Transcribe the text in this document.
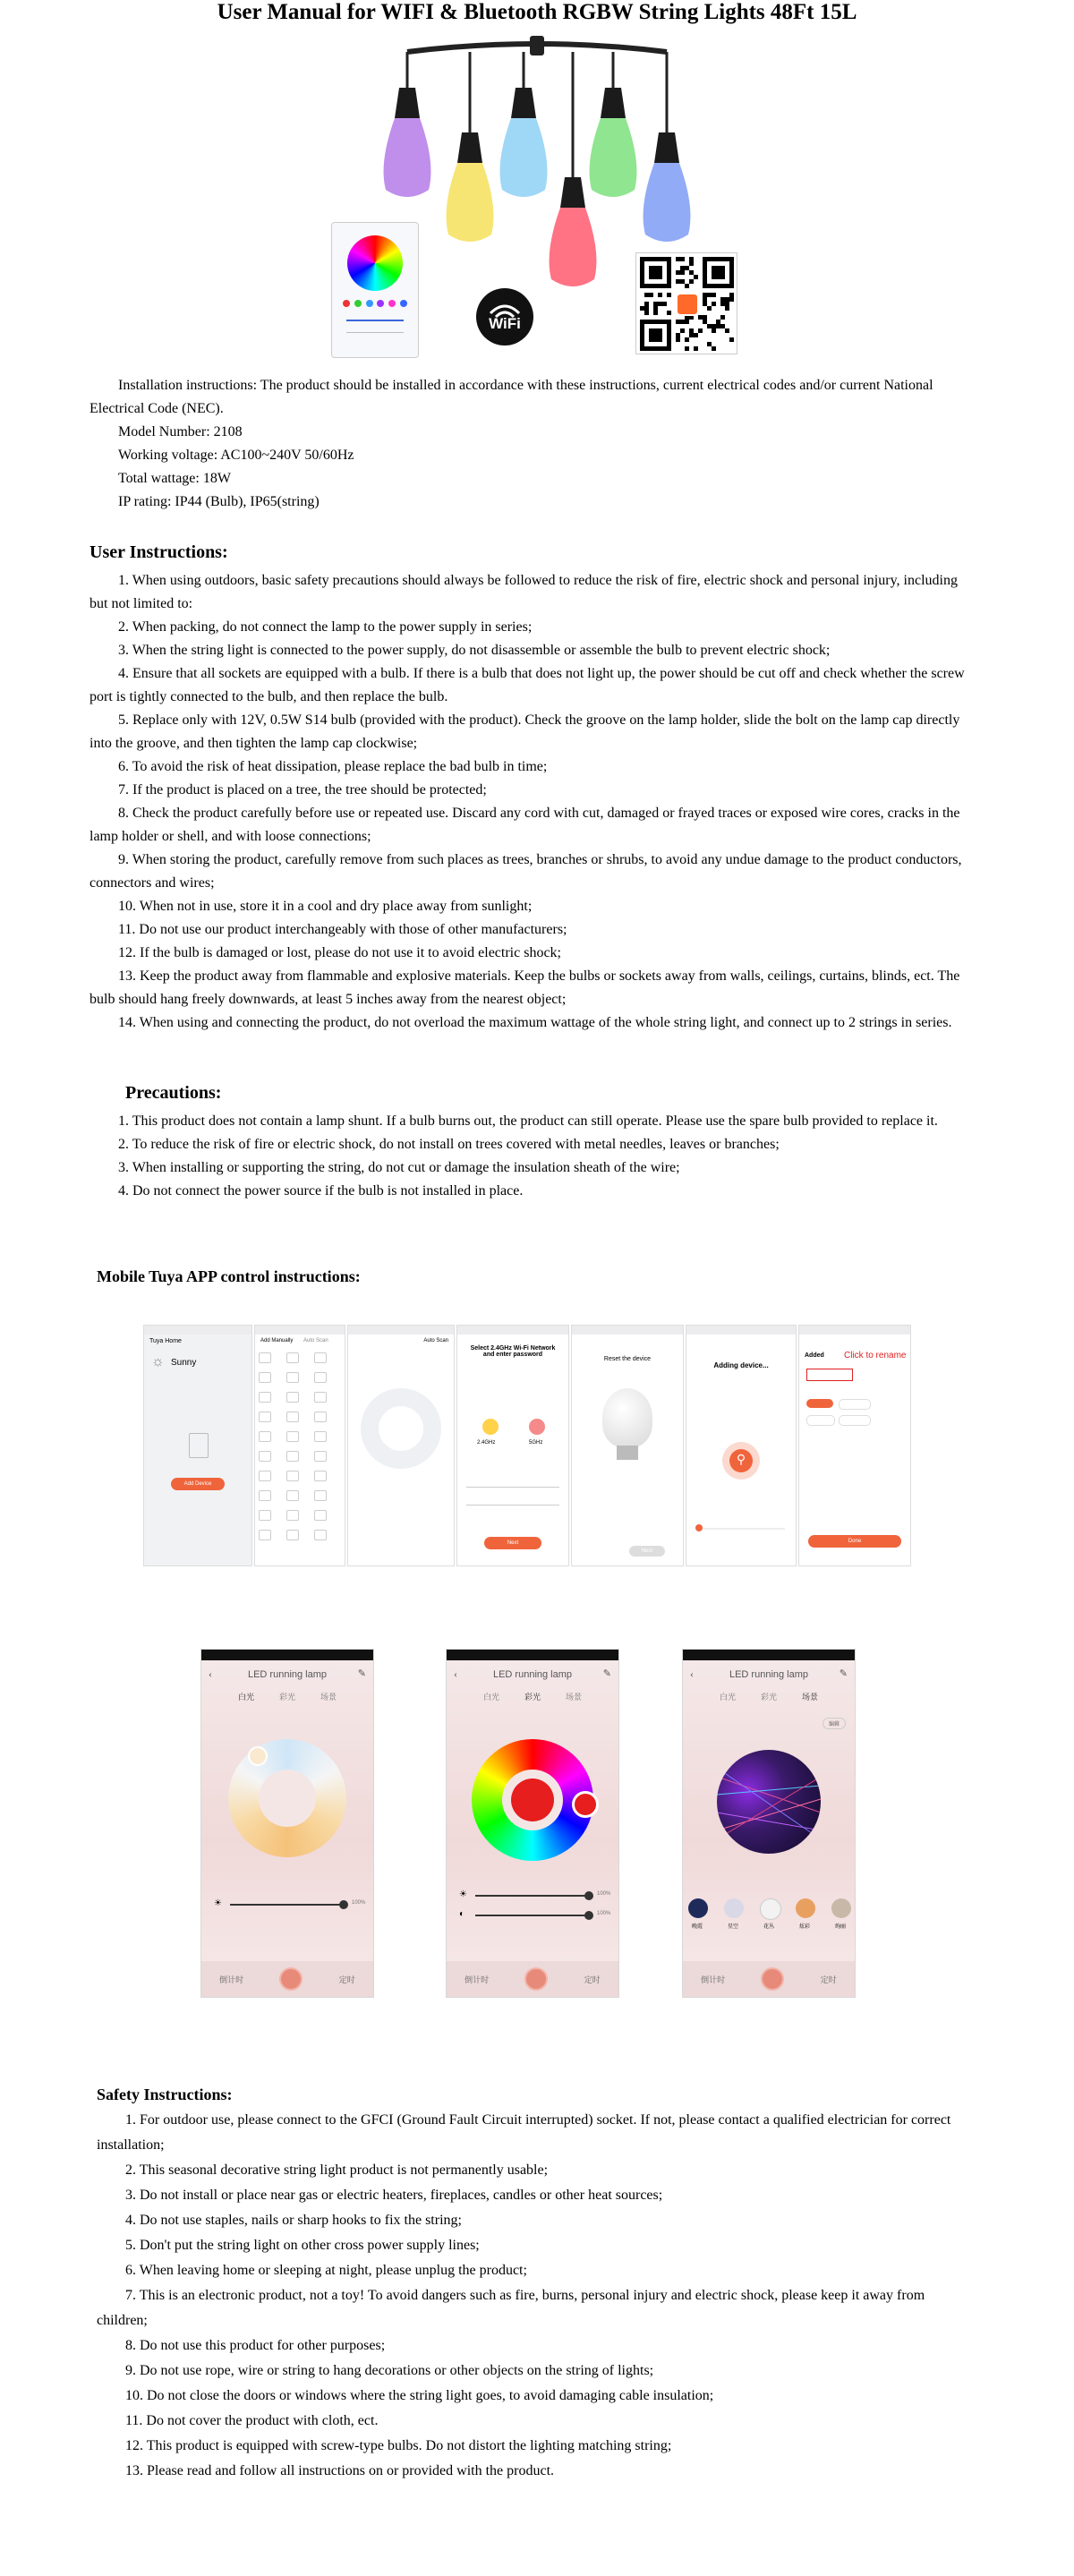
User Manual for WIFI & Bluetooth RGBW String Lights 48Ft 15L
WiFi

Installation instructions: The product should be installed in accordance with these instructions, current electrical codes and/or current National Electrical Code (NEC).

Model Number: 2108

Working voltage: AC100~240V 50/60Hz

Total wattage: 18W

IP rating: IP44 (Bulb), IP65(string)

User Instructions:

1. When using outdoors, basic safety precautions should always be followed to reduce the risk of fire, electric shock and personal injury, including but not limited to:

2. When packing, do not connect the lamp to the power supply in series;

3. When the string light is connected to the power supply, do not disassemble or assemble the bulb to prevent electric shock;

4. Ensure that all sockets are equipped with a bulb. If there is a bulb that does not light up, the power should be cut off and check whether the screw port is tightly connected to the bulb, and then replace the bulb.

5. Replace only with 12V, 0.5W S14 bulb (provided with the product). Check the groove on the lamp holder, slide the bolt on the lamp cap directly into the groove, and then tighten the lamp cap clockwise;

6. To avoid the risk of heat dissipation, please replace the bad bulb in time;

7. If the product is placed on a tree, the tree should be protected;

8. Check the product carefully before use or repeated use. Discard any cord with cut, damaged or frayed traces or exposed wire cores, cracks in the lamp holder or shell, and with loose connections;

9. When storing the product, carefully remove from such places as trees, branches or shrubs, to avoid any undue damage to the product conductors, connectors and wires;

10. When not in use, store it in a cool and dry place away from sunlight;

11. Do not use our product interchangeably with those of other manufacturers;

12. If the bulb is damaged or lost, please do not use it to avoid electric shock;

13. Keep the product away from flammable and explosive materials. Keep the bulbs or sockets away from walls, ceilings, curtains, blinds, ect. The bulb should hang freely downwards, at least 5 inches away from the nearest object;

14. When using and connecting the product, do not overload the maximum wattage of the whole string light, and connect up to 2 strings in series.

Precautions:

1. This product does not contain a lamp shunt. If a bulb burns out, the product can still operate. Please use the spare bulb provided to replace it.

2. To reduce the risk of fire or electric shock, do not install on trees covered with metal needles, leaves or branches;

3. When installing or supporting the string, do not cut or damage the insulation sheath of the wire;

4. Do not connect the power source if the bulb is not installed in place.

Mobile Tuya APP control instructions:
Tuya Home
☼ Sunny
Add Device
Add Manually Auto Scan	Auto Scan
Select 2.4GHz Wi-Fi Network and enter password
2.4GHz	5GHz
Next
Reset the device
Next
Adding device...
⚲
Added Click to rename
Done
‹	LED running lamp	✎
白光	彩光	场景
☀	100%
倒计时	定时
‹	LED running lamp	✎
白光	彩光	场景
☀	100%
◐	100%
倒计时	定时
‹	LED running lamp	✎
白光	彩光	场景
编辑
晚霞	星空	花丛	炫彩	绚丽
倒计时	定时
Safety Instructions:

1. For outdoor use, please connect to the GFCI (Ground Fault Circuit interrupted) socket. If not, please contact a qualified electrician for correct installation;

2. This seasonal decorative string light product is not permanently usable;

3. Do not install or place near gas or electric heaters, fireplaces, candles or other heat sources;

4. Do not use staples, nails or sharp hooks to fix the string;

5. Don't put the string light on other cross power supply lines;

6. When leaving home or sleeping at night, please unplug the product;

7. This is an electronic product, not a toy! To avoid dangers such as fire, burns, personal injury and electric shock, please keep it away from children;

8. Do not use this product for other purposes;

9. Do not use rope, wire or string to hang decorations or other objects on the string of lights;

10. Do not close the doors or windows where the string light goes, to avoid damaging cable insulation;

11. Do not cover the product with cloth, ect.

12. This product is equipped with screw-type bulbs. Do not distort the lighting matching string;

13. Please read and follow all instructions on or provided with the product.
